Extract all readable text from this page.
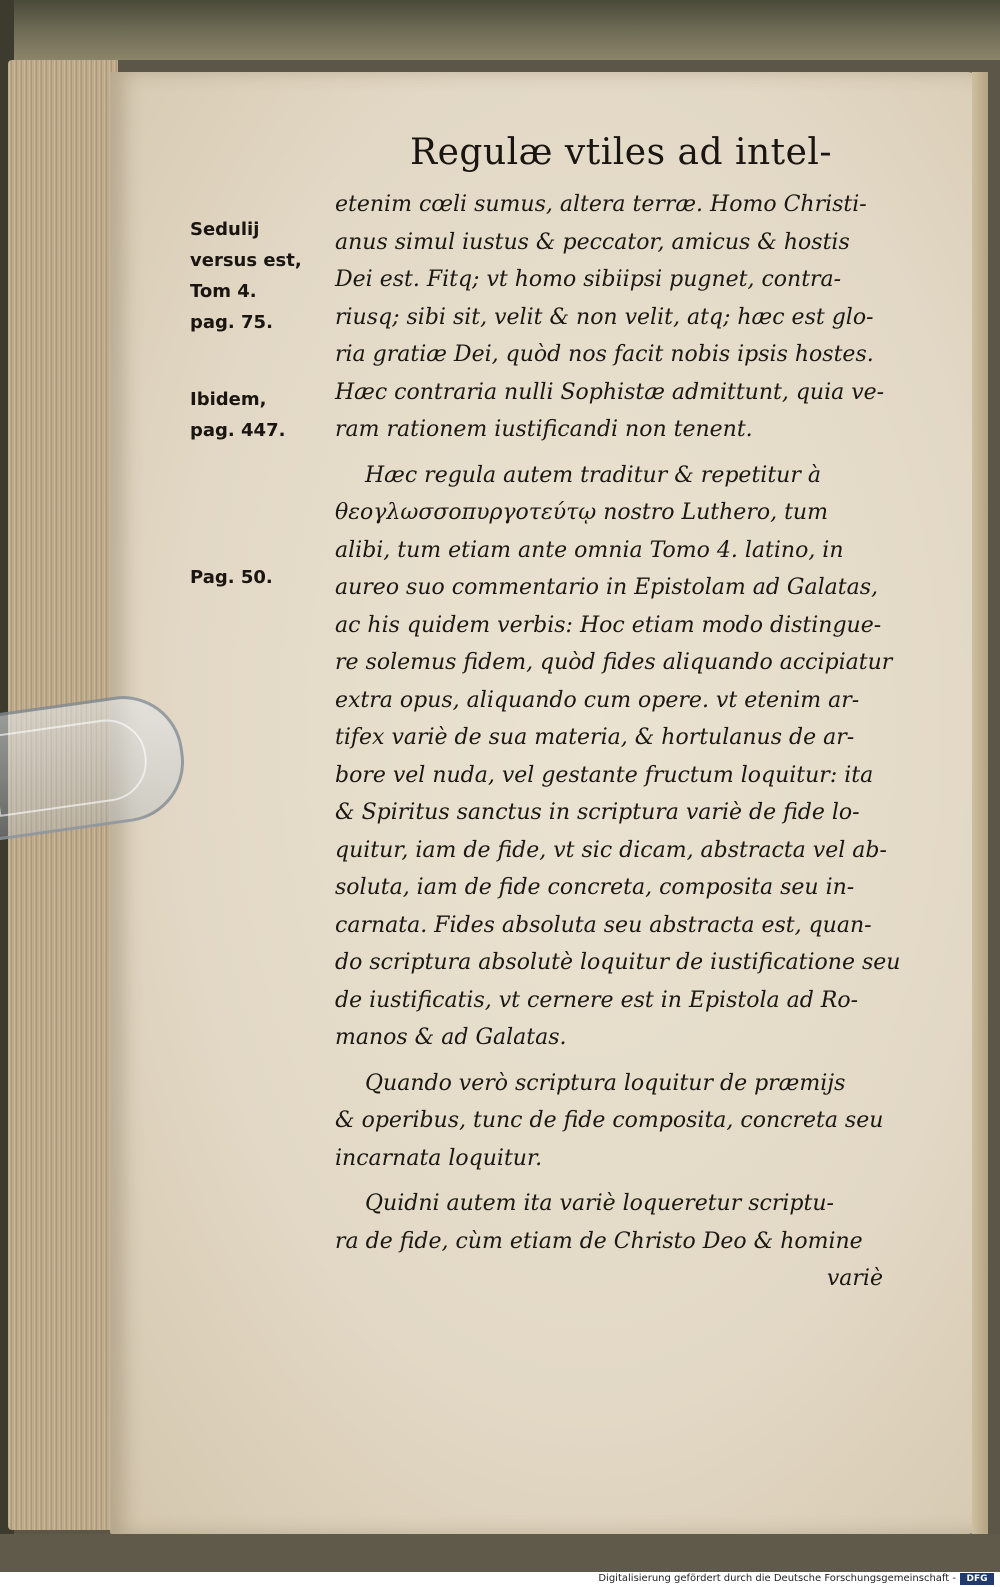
Regulæ vtiles ad intel-
Sedulij
versus est,
Tom 4.
pag. 75.
Ibidem,
pag. 447.
Pag. 50.
etenim cœli sumus, altera terræ. Homo Christi-
anus simul iustus & peccator, amicus & hostis
Dei est. Fitq; vt homo sibiipsi pugnet, contra-
riusq; sibi sit, velit & non velit, atq; hæc est glo-
ria gratiæ Dei, quòd nos facit nobis ipsis hostes.
Hæc contraria nulli Sophistæ admittunt, quia ve-
ram rationem iustificandi non tenent.
Hæc regula autem traditur & repetitur à
θεογλωσσοπυργοτεύτῳ nostro Luthero, tum
alibi, tum etiam ante omnia Tomo 4. latino, in
aureo suo commentario in Epistolam ad Galatas,
ac his quidem verbis: Hoc etiam modo distingue-
re solemus fidem, quòd fides aliquando accipiatur
extra opus, aliquando cum opere. vt etenim ar-
tifex variè de sua materia, & hortulanus de ar-
bore vel nuda, vel gestante fructum loquitur: ita
& Spiritus sanctus in scriptura variè de fide lo-
quitur, iam de fide, vt sic dicam, abstracta vel ab-
soluta, iam de fide concreta, composita seu in-
carnata. Fides absoluta seu abstracta est, quan-
do scriptura absolutè loquitur de iustificatione seu
de iustificatis, vt cernere est in Epistola ad Ro-
manos & ad Galatas.
Quando verò scriptura loquitur de præmijs
& operibus, tunc de fide composita, concreta seu
incarnata loquitur.
Quidni autem ita variè loqueretur scriptu-
ra de fide, cùm etiam de Christo Deo & homine
variè
Digitalisierung gefördert durch die Deutsche Forschungsgemeinschaft -	DFG
